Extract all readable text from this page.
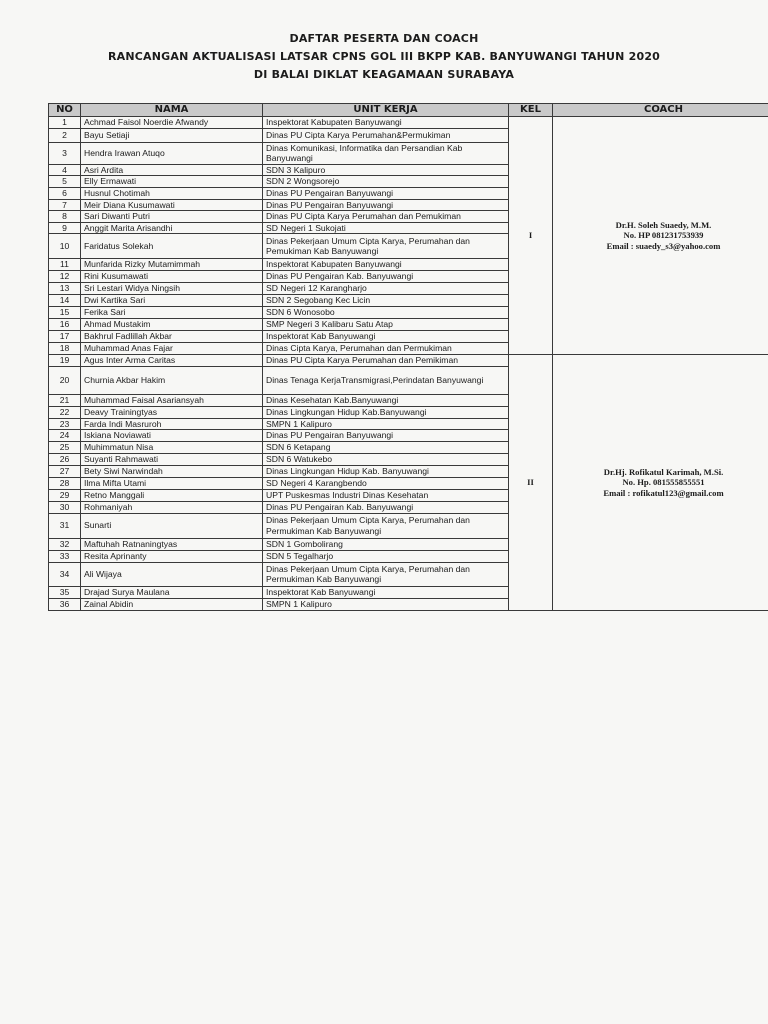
DAFTAR PESERTA DAN COACH
RANCANGAN AKTUALISASI LATSAR CPNS GOL III BKPP KAB. BANYUWANGI TAHUN 2020
DI BALAI DIKLAT KEAGAMAAN SURABAYA
NO	NAMA	UNIT KERJA	KEL	COACH
1	Achmad Faisol Noerdie Afwandy	Inspektorat Kabupaten Banyuwangi	I	Dr.H. Soleh Suaedy, M.M.
No. HP 081231753939
Email : suaedy_s3@yahoo.com

2	Bayu Setiaji	Dinas PU Cipta Karya Perumahan&Permukiman		
3	Hendra Irawan Atuqo	Dinas Komunikasi, Informatika dan Persandian Kab Banyuwangi		
4	Asri Ardita	SDN 3 Kalipuro		
5	Elly Ermawati	SDN 2 Wongsorejo		
6	Husnul Chotimah	Dinas PU Pengairan Banyuwangi		
7	Meir Diana Kusumawati	Dinas PU Pengairan Banyuwangi		
8	Sari Diwanti Putri	Dinas PU Cipta Karya Perumahan dan Pemukiman		
9	Anggit Marita Arisandhi	SD Negeri 1 Sukojati		
10	Faridatus Solekah	Dinas Pekerjaan Umum Cipta Karya, Perumahan dan Pemukiman Kab Banyuwangi		
11	Munfarida Rizky Mutamimmah	Inspektorat Kabupaten Banyuwangi		
12	Rini Kusumawati	Dinas PU Pengairan Kab. Banyuwangi		
13	Sri Lestari Widya Ningsih	SD Negeri 12 Karangharjo		
14	Dwi Kartika Sari	SDN 2 Segobang Kec Licin		
15	Ferika Sari	SDN 6 Wonosobo		
16	Ahmad Mustakim	SMP Negeri 3 Kalibaru Satu Atap		
17	Bakhrul Fadlillah Akbar	Inspektorat Kab Banyuwangi		
18	Muhammad Anas Fajar	Dinas Cipta Karya, Perumahan dan Permukiman		
19	Agus Inter Arma Caritas	Dinas PU Cipta Karya Perumahan dan Pemikiman	II	Dr.Hj. Rofikatul Karimah, M.Si.
No. Hp. 081555855551
Email : rofikatul123@gmail.com

20	Churnia Akbar Hakim	Dinas Tenaga KerjaTransmigrasi,Perindatan Banyuwangi		
21	Muhammad Faisal Asariansyah	Dinas Kesehatan Kab.Banyuwangi		
22	Deavy Trainingtyas	Dinas Lingkungan Hidup Kab.Banyuwangi		
23	Farda Indi Masruroh	SMPN 1 Kalipuro		
24	Iskiana Noviawati	Dinas PU Pengairan Banyuwangi		
25	Muhimmatun Nisa	SDN 6 Ketapang		
26	Suyanti Rahmawati	SDN 6 Watukebo		
27	Bety Siwi Narwindah	Dinas Lingkungan Hidup Kab. Banyuwangi		
28	Ilma Mifta Utami	SD Negeri 4 Karangbendo		
29	Retno Manggali	UPT Puskesmas Industri Dinas Kesehatan		
30	Rohmaniyah	Dinas PU Pengairan Kab. Banyuwangi		
31	Sunarti	Dinas Pekerjaan Umum Cipta Karya, Perumahan dan Permukiman Kab Banyuwangi		
32	Maftuhah Ratnaningtyas	SDN 1 Gombolirang		
33	Resita Aprinanty	SDN 5 Tegalharjo		
34	Ali Wijaya	Dinas Pekerjaan Umum Cipta Karya, Perumahan dan Permukiman Kab Banyuwangi		
35	Drajad Surya Maulana	Inspektorat Kab Banyuwangi		
36	Zainal Abidin	SMPN 1 Kalipuro		
